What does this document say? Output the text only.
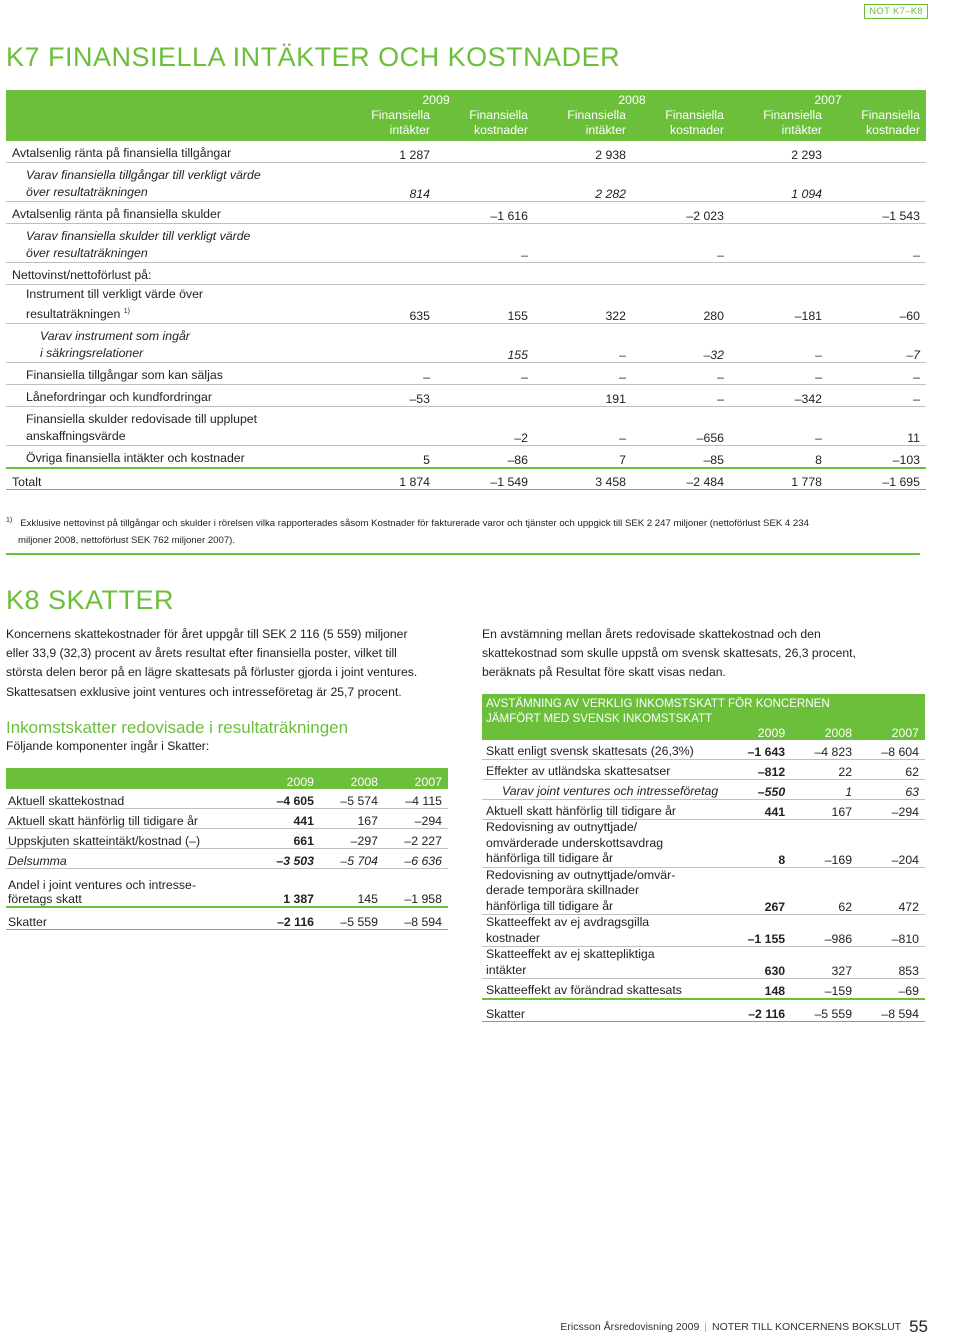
NOT K7–K8
K7 FINANSIELLA INTÄKTER OCH KOSTNADER
	2009		2008		2007	
	Finansiella	Finansiella	Finansiella	Finansiella	Finansiella	Finansiella
	intäkter	kostnader	intäkter	kostnader	intäkter	kostnader

Avtalsenlig ränta på finansiella tillgångar	1 287		2 938		2 293	

Varav finansiella tillgångar till verkligt värde
över resultaträkningen	814		2 282		1 094	

Avtalsenlig ränta på finansiella skulder		–1 616		–2 023		–1 543

Varav finansiella skulder till verkligt värde
över resultaträkningen		–		–		–

Nettovinst/nettoförlust på:						

Instrument till verkligt värde över
resultaträkningen $^{1)}$	635	155	322	280	–181	–60

Varav instrument som ingår
i säkringsrelationer		155	–	–32	–	–7

Finansiella tillgångar som kan säljas	–	–	–	–	–	–

Lånefordringar och kundfordringar	–53		191	–	–342	–

Finansiella skulder redovisade till upplupet
anskaffningsvärde		–2	–	–656	–	11

Övriga finansiella intäkter och kostnader	5	–86	7	–85	8	–103
Totalt	1 874	–1 549	3 458	–2 484	1 778	–1 695
$^{1)}$ Exklusive nettovinst på tillgångar och skulder i rörelsen vilka rapporterades såsom Kostnader för fakturerade varor och tjänster och uppgick till SEK 2 247 miljoner (nettoförlust SEK 4 234
miljoner 2008, nettoförlust SEK 762 miljoner 2007).
K8 SKATTER
Koncernens skattekostnader för året uppgår till SEK 2 116 (5 559) miljoner
eller 33,9 (32,3) procent av årets resultat efter finansiella poster, vilket till
största delen beror på en lägre skattesats på förluster gjorda i joint ventures.
Skattesatsen exklusive joint ventures och intresseföretag är 25,7 procent.
En avstämning mellan årets redovisade skattekostnad och den
skattekostnad som skulle uppstå om svensk skattesats, 26,3 procent,
beräknats på Resultat före skatt visas nedan.
Inkomstskatter redovisade i resultaträkningen
Följande komponenter ingår i Skatter:
	2009	2008	2007

Aktuell skattekostnad	–4 605	–5 574	–4 115

Aktuell skatt hänförlig till tidigare år	441	167	–294

Uppskjuten skatteintäkt/kostnad (–)	661	–297	–2 227

Delsumma	–3 503	–5 704	–6 636

Andel i joint ventures och intresse-
företags skatt	1 387	145	–1 958
Skatter	–2 116	–5 559	–8 594
AVSTÄMNING AV VERKLIG INKOMSTSKATT FÖR KONCERNEN
JÄMFÖRT MED SVENSK INKOMSTSKATT			

	2009	2008	2007

Skatt enligt svensk skattesats (26,3%)	–1 643	–4 823	–8 604

Effekter av utländska skattesatser	–812	22	62

Varav joint ventures och intresseföretag	–550	1	63

Aktuell skatt hänförlig till tidigare år	441	167	–294

Redovisning av outnyttjade/
omvärderade underskottsavdrag
hänförliga till tidigare år	8	–169	–204

Redovisning av outnyttjade/omvär-
derade temporära skillnader
hänförliga till tidigare år	267	62	472

Skatteeffekt av ej avdragsgilla
kostnader	–1 155	–986	–810

Skatteeffekt av ej skattepliktiga
intäkter	630	327	853

Skatteeffekt av förändrad skattesats	148	–159	–69
Skatter	–2 116	–5 559	–8 594
Ericsson Årsredovisning 2009 | NOTER TILL KONCERNENS BOKSLUT 55
